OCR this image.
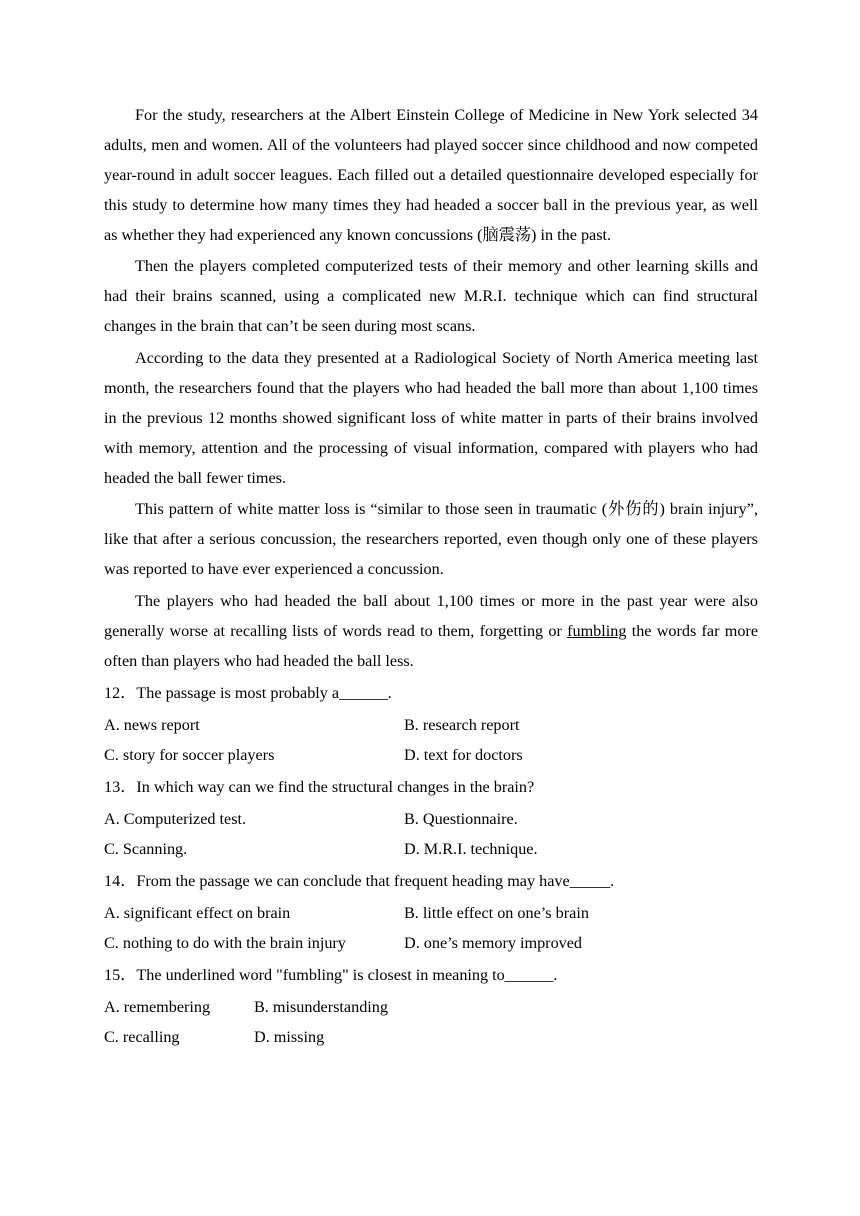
For the study, researchers at the Albert Einstein College of Medicine in New York selected 34 adults, men and women. All of the volunteers had played soccer since childhood and now competed year-round in adult soccer leagues. Each filled out a detailed questionnaire developed especially for this study to determine how many times they had headed a soccer ball in the previous year, as well as whether they had experienced any known concussions (脑震荡) in the past.

Then the players completed computerized tests of their memory and other learning skills and had their brains scanned, using a complicated new M.R.I. technique which can find structural changes in the brain that can’t be seen during most scans.

According to the data they presented at a Radiological Society of North America meeting last month, the researchers found that the players who had headed the ball more than about 1,100 times in the previous 12 months showed significant loss of white matter in parts of their brains involved with memory, attention and the processing of visual information, compared with players who had headed the ball fewer times.

This pattern of white matter loss is “similar to those seen in traumatic (外伤的) brain injury”, like that after a serious concussion, the researchers reported, even though only one of these players was reported to have ever experienced a concussion.

The players who had headed the ball about 1,100 times or more in the past year were also generally worse at recalling lists of words read to them, forgetting or fumbling the words far more often than players who had headed the ball less.

12．The passage is most probably a______.
A. news report	B. research report
C. story for soccer players	D. text for doctors
13．In which way can we find the structural changes in the brain?
A. Computerized test.	B. Questionnaire.
C. Scanning.	D. M.R.I. technique.
14．From the passage we can conclude that frequent heading may have_____.
A. significant effect on brain	B. little effect on one’s brain
C. nothing to do with the brain injury	D. one’s memory improved
15．The underlined word "fumbling" is closest in meaning to______.
A. remembering	B. misunderstanding
C. recalling	D. missing
